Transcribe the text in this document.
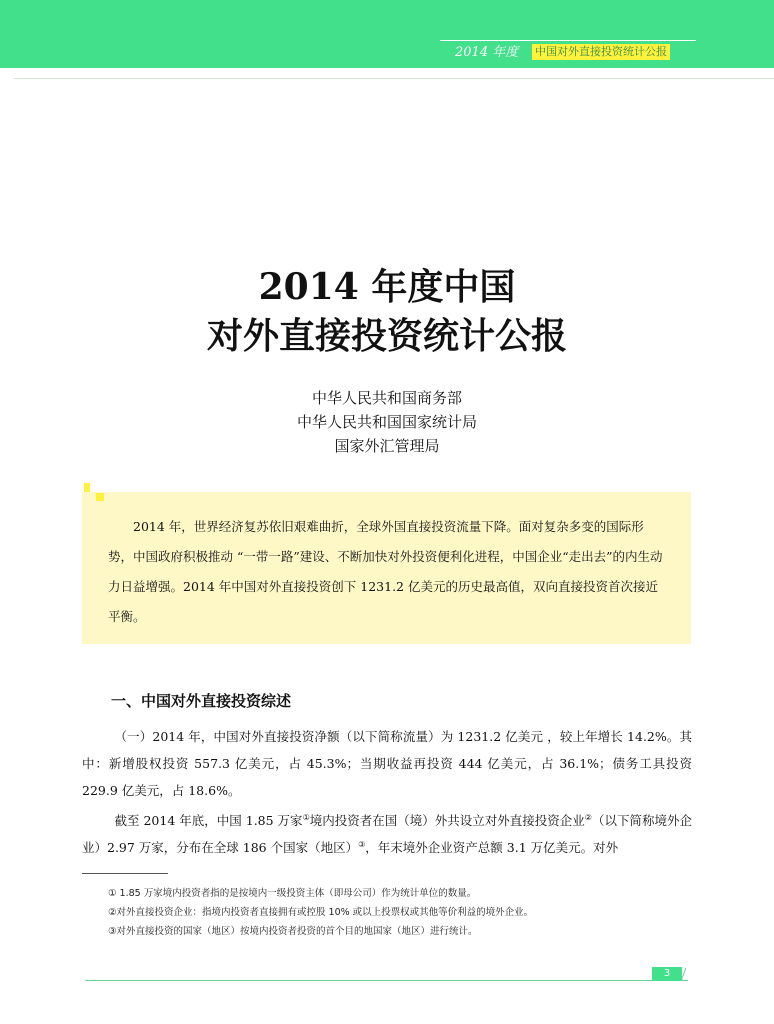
2014 年度 中国对外直接投资统计公报
2014 年度中国
对外直接投资统计公报
中华人民共和国商务部
中华人民共和国国家统计局
国家外汇管理局

2014 年，世界经济复苏依旧艰难曲折，全球外国直接投资流量下降。面对复杂多变的国际形势，中国政府积极推动 “一带一路”建设、不断加快对外投资便利化进程，中国企业“走出去”的内生动力日益增强。2014 年中国对外直接投资创下 1231.2 亿美元的历史最高值，双向直接投资首次接近平衡。

一、中国对外直接投资综述

（一）2014 年，中国对外直接投资净额（以下简称流量）为 1231.2 亿美元 ，较上年增长 14.2%。其中：新增股权投资 557.3 亿美元，占 45.3%；当期收益再投资 444 亿美元，占 36.1%；债务工具投资 229.9 亿美元，占 18.6%。

截至 2014 年底，中国 1.85 万家①境内投资者在国（境）外共设立对外直接投资企业②（以下简称境外企业）2.97 万家，分布在全球 186 个国家（地区）③，年末境外企业资产总额 3.1 万亿美元。对外

① 1.85 万家境内投资者指的是按境内一级投资主体（即母公司）作为统计单位的数量。
②对外直接投资企业：指境内投资者直接拥有或控股 10% 或以上投票权或其他等价利益的境外企业。
③对外直接投资的国家（地区）按境内投资者投资的首个目的地国家（地区）进行统计。
3
